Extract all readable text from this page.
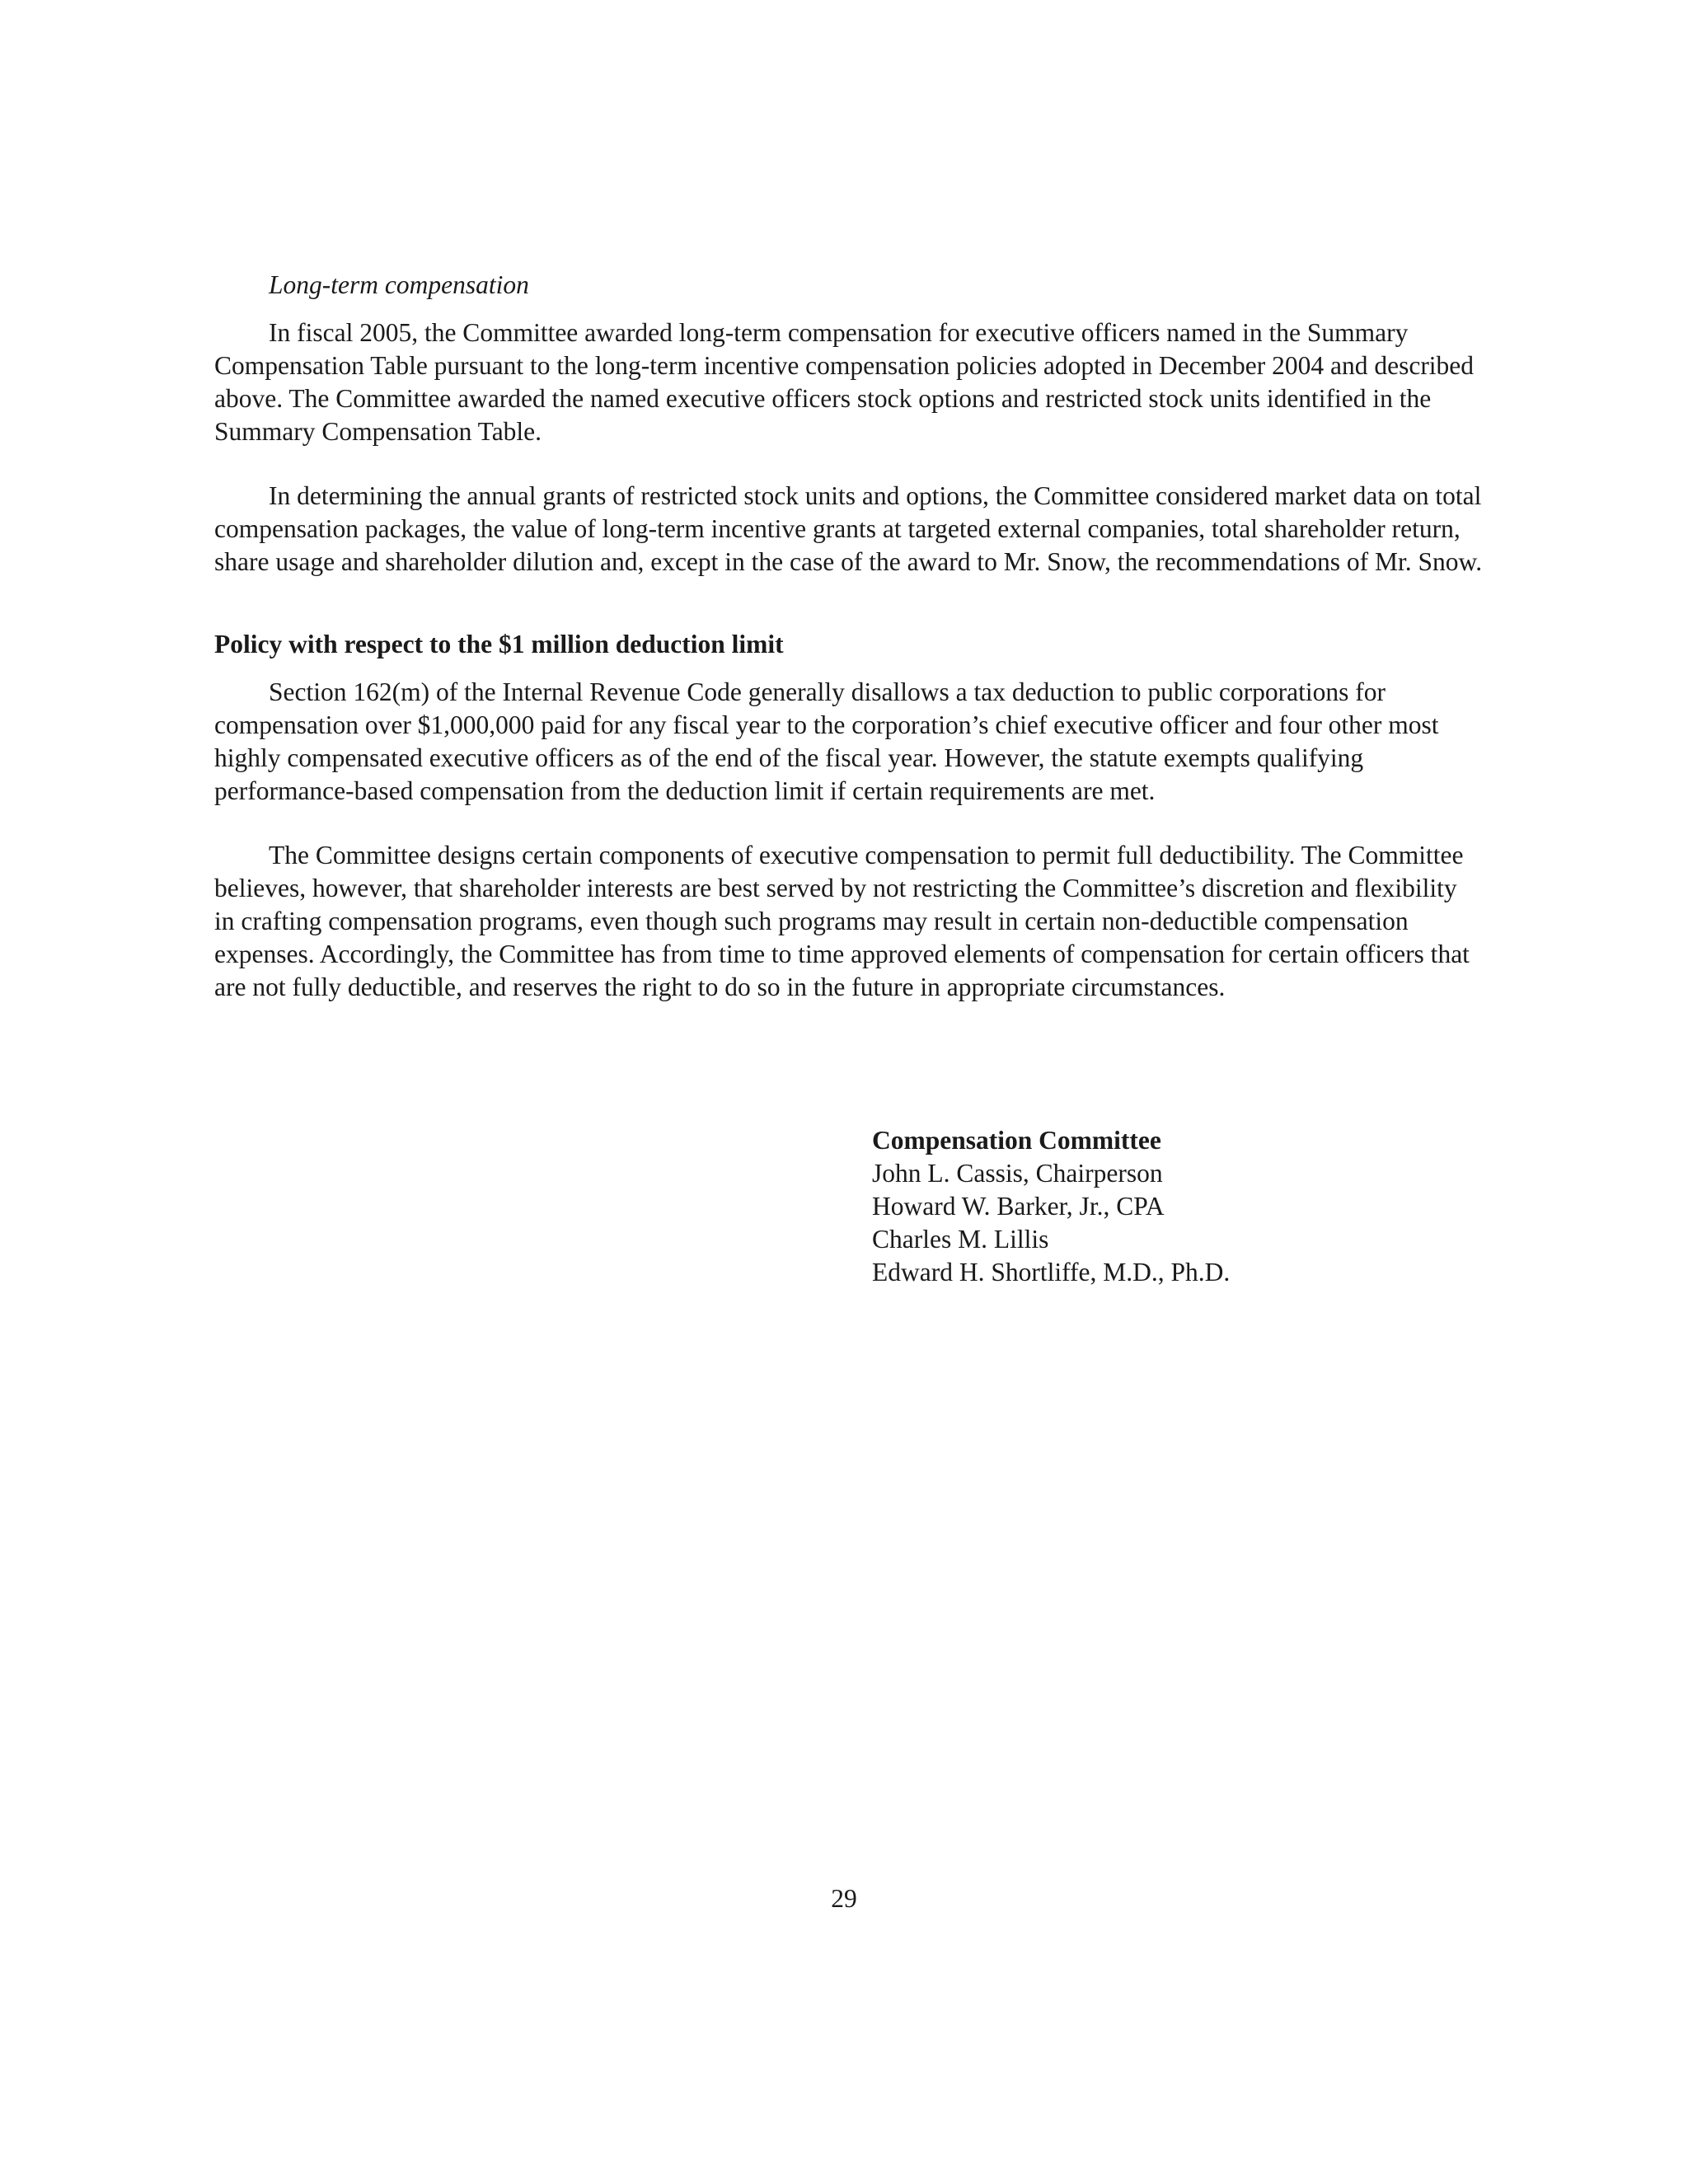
Long-term compensation

In fiscal 2005, the Committee awarded long-term compensation for executive officers named in the Summary Compensation Table pursuant to the long-term incentive compensation policies adopted in December 2004 and described above. The Committee awarded the named executive officers stock options and restricted stock units identified in the Summary Compensation Table.

In determining the annual grants of restricted stock units and options, the Committee considered market data on total compensation packages, the value of long-term incentive grants at targeted external companies, total shareholder return, share usage and shareholder dilution and, except in the case of the award to Mr. Snow, the recommendations of Mr. Snow.

Policy with respect to the $1 million deduction limit

Section 162(m) of the Internal Revenue Code generally disallows a tax deduction to public corporations for compensation over $1,000,000 paid for any fiscal year to the corporation’s chief executive officer and four other most highly compensated executive officers as of the end of the fiscal year. However, the statute exempts qualifying performance-based compensation from the deduction limit if certain requirements are met.

The Committee designs certain components of executive compensation to permit full deductibility. The Committee believes, however, that shareholder interests are best served by not restricting the Committee’s discretion and flexibility in crafting compensation programs, even though such programs may result in certain non-deductible compensation expenses. Accordingly, the Committee has from time to time approved elements of compensation for certain officers that are not fully deductible, and reserves the right to do so in the future in appropriate circumstances.

Compensation Committee
John L. Cassis, Chairperson
Howard W. Barker, Jr., CPA
Charles M. Lillis
Edward H. Shortliffe, M.D., Ph.D.
29
